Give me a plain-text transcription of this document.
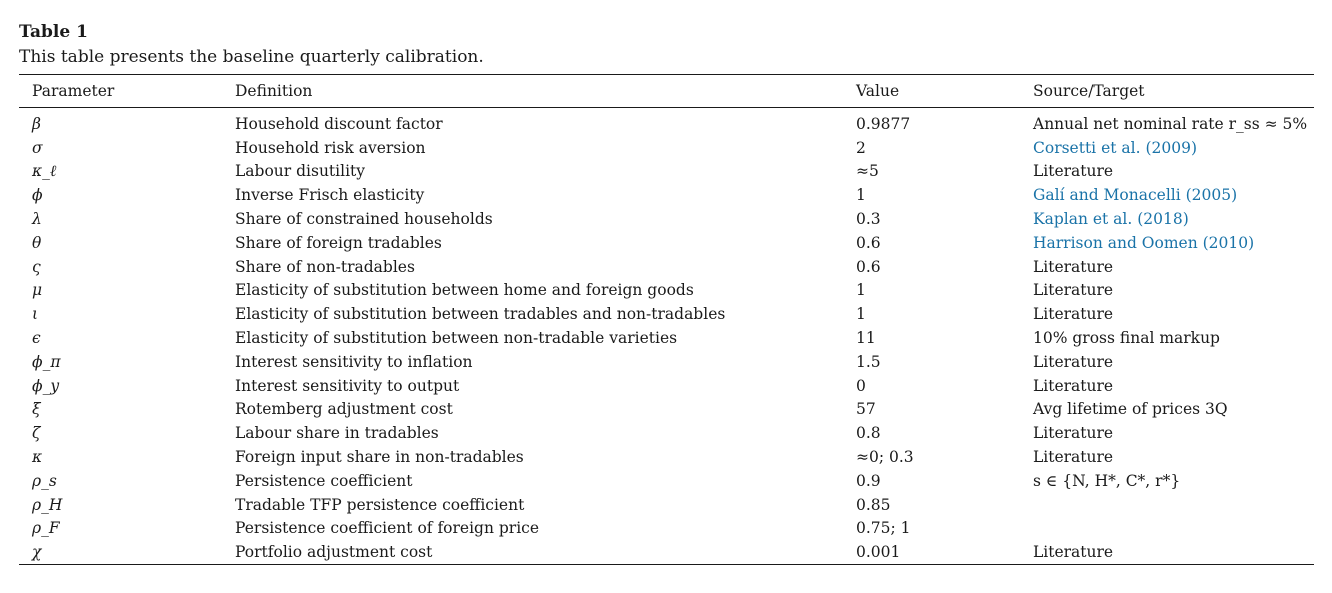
Table 1
This table presents the baseline quarterly calibration.
Parameter	Definition	Value	Source/Target
β	Household discount factor	0.9877	Annual net nominal rate r_ss ≈ 5%
σ	Household risk aversion	2	Corsetti et al. (2009)
κ_ℓ	Labour disutility	≈5	Literature
ϕ	Inverse Frisch elasticity	1	Galí and Monacelli (2005)
λ	Share of constrained households	0.3	Kaplan et al. (2018)
θ	Share of foreign tradables	0.6	Harrison and Oomen (2010)
ς	Share of non-tradables	0.6	Literature
μ	Elasticity of substitution between home and foreign goods	1	Literature
ι	Elasticity of substitution between tradables and non-tradables	1	Literature
ϵ	Elasticity of substitution between non-tradable varieties	11	10% gross final markup
ϕ_π	Interest sensitivity to inflation	1.5	Literature
ϕ_y	Interest sensitivity to output	0	Literature
ξ	Rotemberg adjustment cost	57	Avg lifetime of prices 3Q
ζ	Labour share in tradables	0.8	Literature
κ	Foreign input share in non-tradables	≈0; 0.3	Literature
ρ_s	Persistence coefficient	0.9	s ∈ {N, H*, C*, r*}
ρ_H	Tradable TFP persistence coefficient	0.85	
ρ_F	Persistence coefficient of foreign price	0.75; 1	
χ	Portfolio adjustment cost	0.001	Literature
